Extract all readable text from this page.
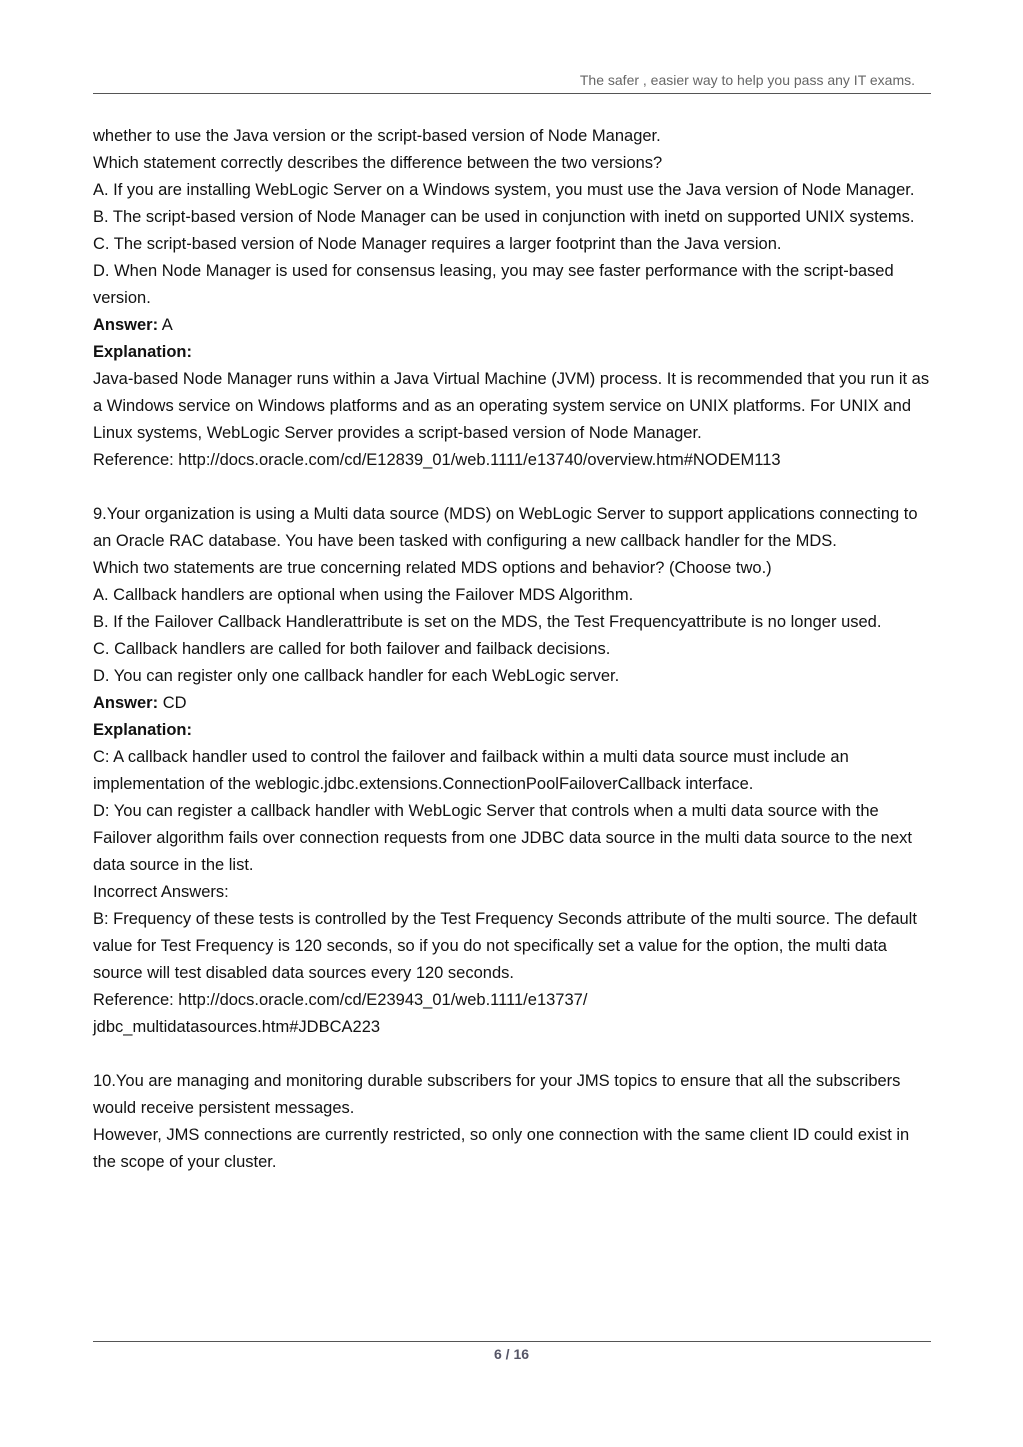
The safer , easier way to help you pass any IT exams.

whether to use the Java version or the script-based version of Node Manager.

Which statement correctly describes the difference between the two versions?

A. If you are installing WebLogic Server on a Windows system, you must use the Java version of Node Manager.

B. The script-based version of Node Manager can be used in conjunction with inetd on supported UNIX systems.

C. The script-based version of Node Manager requires a larger footprint than the Java version.

D. When Node Manager is used for consensus leasing, you may see faster performance with the script-based version.

Answer: A

Explanation:

Java-based Node Manager runs within a Java Virtual Machine (JVM) process. It is recommended that you run it as a Windows service on Windows platforms and as an operating system service on UNIX platforms. For UNIX and Linux systems, WebLogic Server provides a script-based version of Node Manager.

Reference: http://docs.oracle.com/cd/E12839_01/web.1111/e13740/overview.htm#NODEM113

9.Your organization is using a Multi data source (MDS) on WebLogic Server to support applications connecting to an Oracle RAC database. You have been tasked with configuring a new callback handler for the MDS.

Which two statements are true concerning related MDS options and behavior? (Choose two.)

A. Callback handlers are optional when using the Failover MDS Algorithm.

B. If the Failover Callback Handlerattribute is set on the MDS, the Test Frequencyattribute is no longer used.

C. Callback handlers are called for both failover and failback decisions.

D. You can register only one callback handler for each WebLogic server.

Answer: CD

Explanation:

C: A callback handler used to control the failover and failback within a multi data source must include an implementation of the weblogic.jdbc.extensions.ConnectionPoolFailoverCallback interface.

D: You can register a callback handler with WebLogic Server that controls when a multi data source with the Failover algorithm fails over connection requests from one JDBC data source in the multi data source to the next data source in the list.

Incorrect Answers:

B: Frequency of these tests is controlled by the Test Frequency Seconds attribute of the multi source. The default value for Test Frequency is 120 seconds, so if you do not specifically set a value for the option, the multi data source will test disabled data sources every 120 seconds.

Reference: http://docs.oracle.com/cd/E23943_01/web.1111/e13737/

jdbc_multidatasources.htm#JDBCA223

10.You are managing and monitoring durable subscribers for your JMS topics to ensure that all the subscribers would receive persistent messages.

However, JMS connections are currently restricted, so only one connection with the same client ID could exist in the scope of your cluster.

6 / 16
